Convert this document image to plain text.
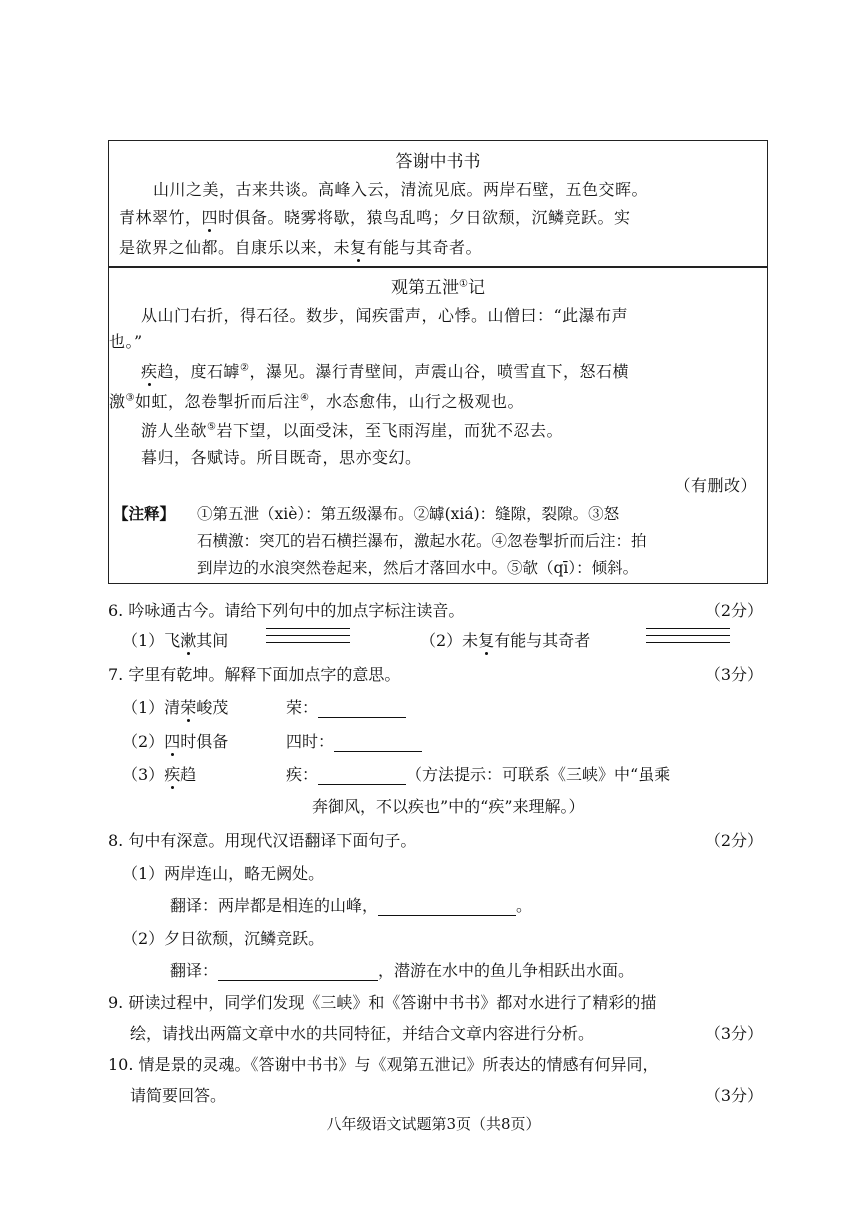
答谢中书书
山川之美，古来共谈。高峰入云，清流见底。两岸石壁，五色交晖。
青林翠竹，四时俱备。晓雾将歇，猿鸟乱鸣；夕日欲颓，沉鳞竞跃。实
是欲界之仙都。自康乐以来，未复有能与其奇者。
观第五泄①记
从山门右折，得石径。数步，闻疾雷声，心悸。山僧曰：“此瀑布声
也。”
疾趋，度石罅②，瀑见。瀑行青壁间，声震山谷，喷雪直下，怒石横
激③如虹，忽卷掣折而后注④，水态愈伟，山行之极观也。
游人坐欹⑤岩下望，以面受沫，至飞雨泻崖，而犹不忍去。
暮归，各赋诗。所目既奇，思亦变幻。
（有删改）
【注释】 ①第五泄（xiè）：第五级瀑布。②罅(xiá)：缝隙，裂隙。③怒
石横激：突兀的岩石横拦瀑布，激起水花。④忽卷掣折而后注：拍
到岸边的水浪突然卷起来，然后才落回水中。⑤欹（qī）：倾斜。
6. 吟咏通古今。请给下列句中的加点字标注读音。	（2分）
（1）飞漱其间	（2）未复有能与其奇者
7. 字里有乾坤。解释下面加点字的意思。	（3分）
（1）清荣峻茂	荣：
（2）四时俱备	四时：
（3）疾趋	疾：	（方法提示：可联系《三峡》中“虽乘
奔御风，不以疾也”中的“疾”来理解。）
8. 句中有深意。用现代汉语翻译下面句子。	（2分）
（1）两岸连山，略无阙处。
翻译：两岸都是相连的山峰，	。
（2）夕日欲颓，沉鳞竞跃。
翻译：	，潜游在水中的鱼儿争相跃出水面。
9. 研读过程中，同学们发现《三峡》和《答谢中书书》都对水进行了精彩的描
绘，请找出两篇文章中水的共同特征，并结合文章内容进行分析。	（3分）
10. 情是景的灵魂。《答谢中书书》与《观第五泄记》所表达的情感有何异同，
请简要回答。	（3分）
八年级语文试题第3页（共8页）
